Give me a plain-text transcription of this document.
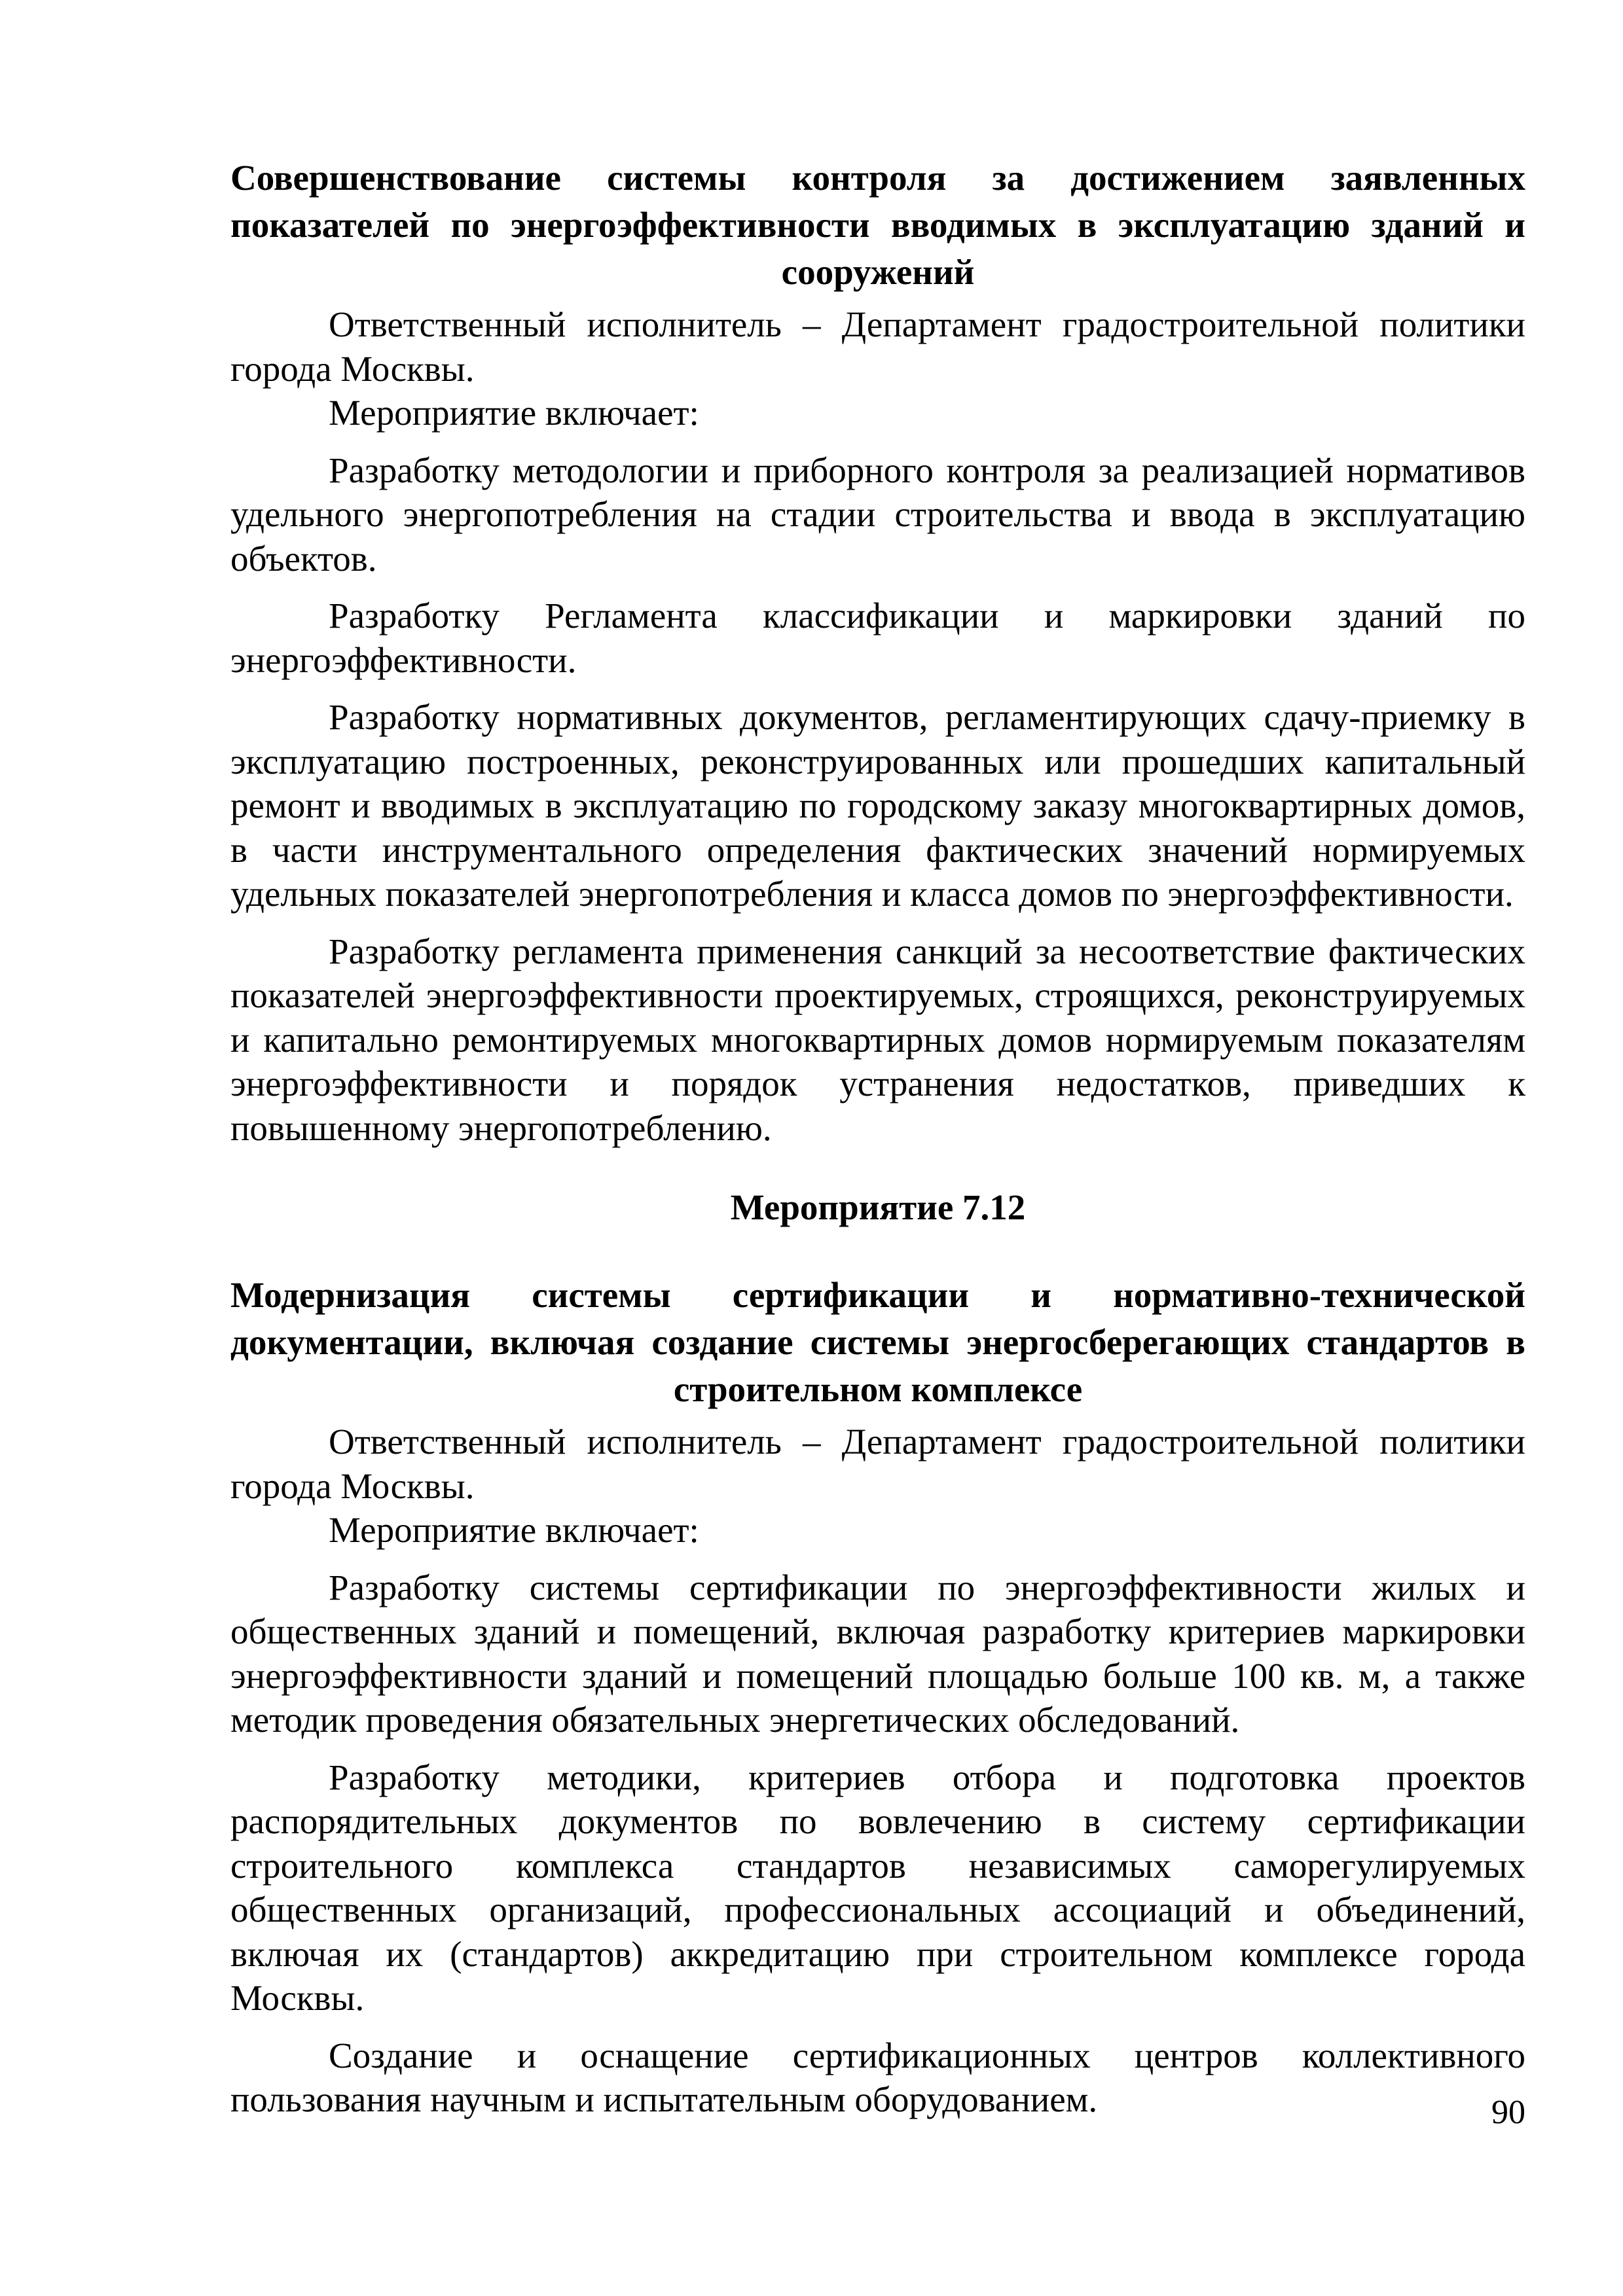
Совершенствование системы контроля за достижением заявленных показателей по энергоэффективности вводимых в эксплуатацию зданий и сооружений

Ответственный исполнитель – Департамент градостроительной политики города Москвы.

Мероприятие включает:

Разработку методологии и приборного контроля за реализацией нормативов удельного энергопотребления на стадии строительства и ввода в эксплуатацию объектов.

Разработку Регламента классификации и маркировки зданий по энергоэффективности.

Разработку нормативных документов, регламентирующих сдачу-приемку в эксплуатацию построенных, реконструированных или прошедших капитальный ремонт и вводимых в эксплуатацию по городскому заказу многоквартирных домов, в части инструментального определения фактических значений нормируемых удельных показателей энергопотребления и класса домов по энергоэффективности.

Разработку регламента применения санкций за несоответствие фактических показателей энергоэффективности проектируемых, строящихся, реконструируемых и капитально ремонтируемых многоквартирных домов нормируемым показателям энергоэффективности и порядок устранения недостатков, приведших к повышенному энергопотреблению.

Мероприятие 7.12

Модернизация системы сертификации и нормативно-технической документации, включая создание системы энергосберегающих стандартов в строительном комплексе

Ответственный исполнитель – Департамент градостроительной политики города Москвы.

Мероприятие включает:

Разработку системы сертификации по энергоэффективности жилых и общественных зданий и помещений, включая разработку критериев маркировки энергоэффективности зданий и помещений площадью больше 100 кв. м, а также методик проведения обязательных энергетических обследований.

Разработку методики, критериев отбора и подготовка проектов распорядительных документов по вовлечению в систему сертификации строительного комплекса стандартов независимых саморегулируемых общественных организаций, профессиональных ассоциаций и объединений, включая их (стандартов) аккредитацию при строительном комплексе города Москвы.

Создание и оснащение сертификационных центров коллективного пользования научным и испытательным оборудованием.	90
